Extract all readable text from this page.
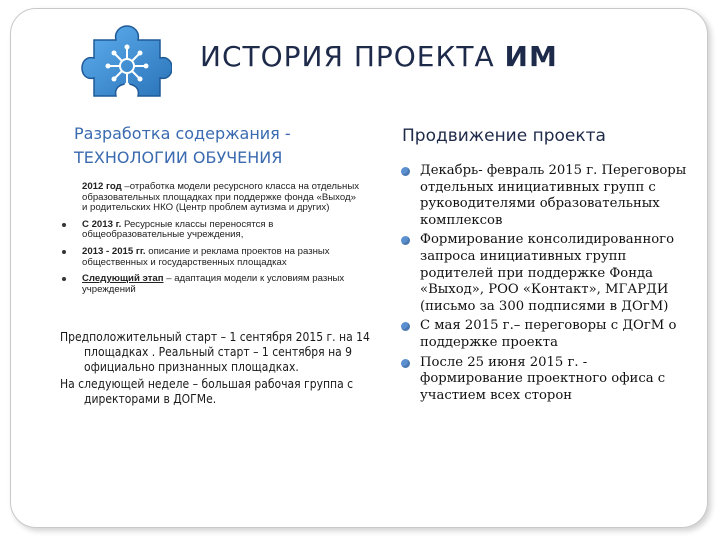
ИСТОРИЯ ПРОЕКТА ИМ
Разработка содержания -
ТЕХНОЛОГИИ ОБУЧЕНИЯ
2012 год –отработка модели ресурсного класса на отдельных образовательных площадках при поддержке фонда «Выход» и родительских НКО (Центр проблем аутизма и других)
С 2013 г. Ресурсные классы переносятся в общеобразовательные учреждения,
2013 - 2015 гг. описание и реклама проектов на разных общественных и государственных площадках
Следующий этап – адаптация модели к условиям разных учреждений

Предположительный старт – 1 сентября 2015 г. на 14 площадках . Реальный старт – 1 сентября на 9 официально признанных площадках.

На следующей неделе – большая рабочая группа с директорами в ДОГМе.

Продвижение проекта
Декабрь- февраль 2015 г. Переговоры отдельных инициативных групп с руководителями образовательных комплексов
Формирование консолидированного запроса инициативных групп родителей при поддержке Фонда «Выход», РОО «Контакт», МГАРДИ (письмо за 300 подписями в ДОгМ)
С мая 2015 г.– переговоры с ДОгМ о поддержке проекта
После 25 июня 2015 г. - формирование проектного офиса с участием всех сторон
